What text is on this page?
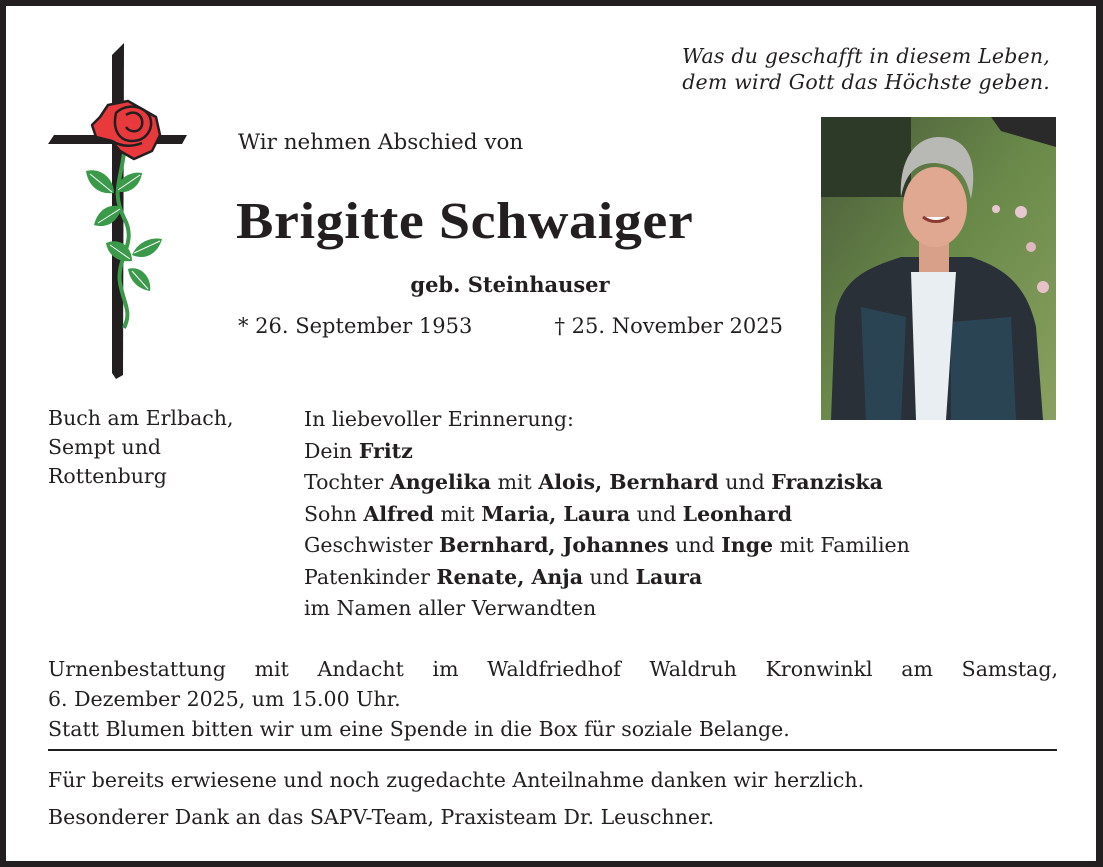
Was du geschafft in diesem Leben,
dem wird Gott das Höchste geben.
Wir nehmen Abschied von
Brigitte Schwaiger
geb. Steinhauser
* 26. September 1953	† 25. November 2025
Buch am Erlbach,
Sempt und
Rottenburg
In liebevoller Erinnerung:
Dein Fritz
Tochter Angelika mit Alois, Bernhard und Franziska
Sohn Alfred mit Maria, Laura und Leonhard
Geschwister Bernhard, Johannes und Inge mit Familien
Patenkinder Renate, Anja und Laura
im Namen aller Verwandten
Urnenbestattung mit Andacht im Waldfriedhof Waldruh Kronwinkl am Samstag,
6. Dezember 2025, um 15.00 Uhr.
Statt Blumen bitten wir um eine Spende in die Box für soziale Belange.
Für bereits erwiesene und noch zugedachte Anteilnahme danken wir herzlich.
Besonderer Dank an das SAPV-Team, Praxisteam Dr. Leuschner.
